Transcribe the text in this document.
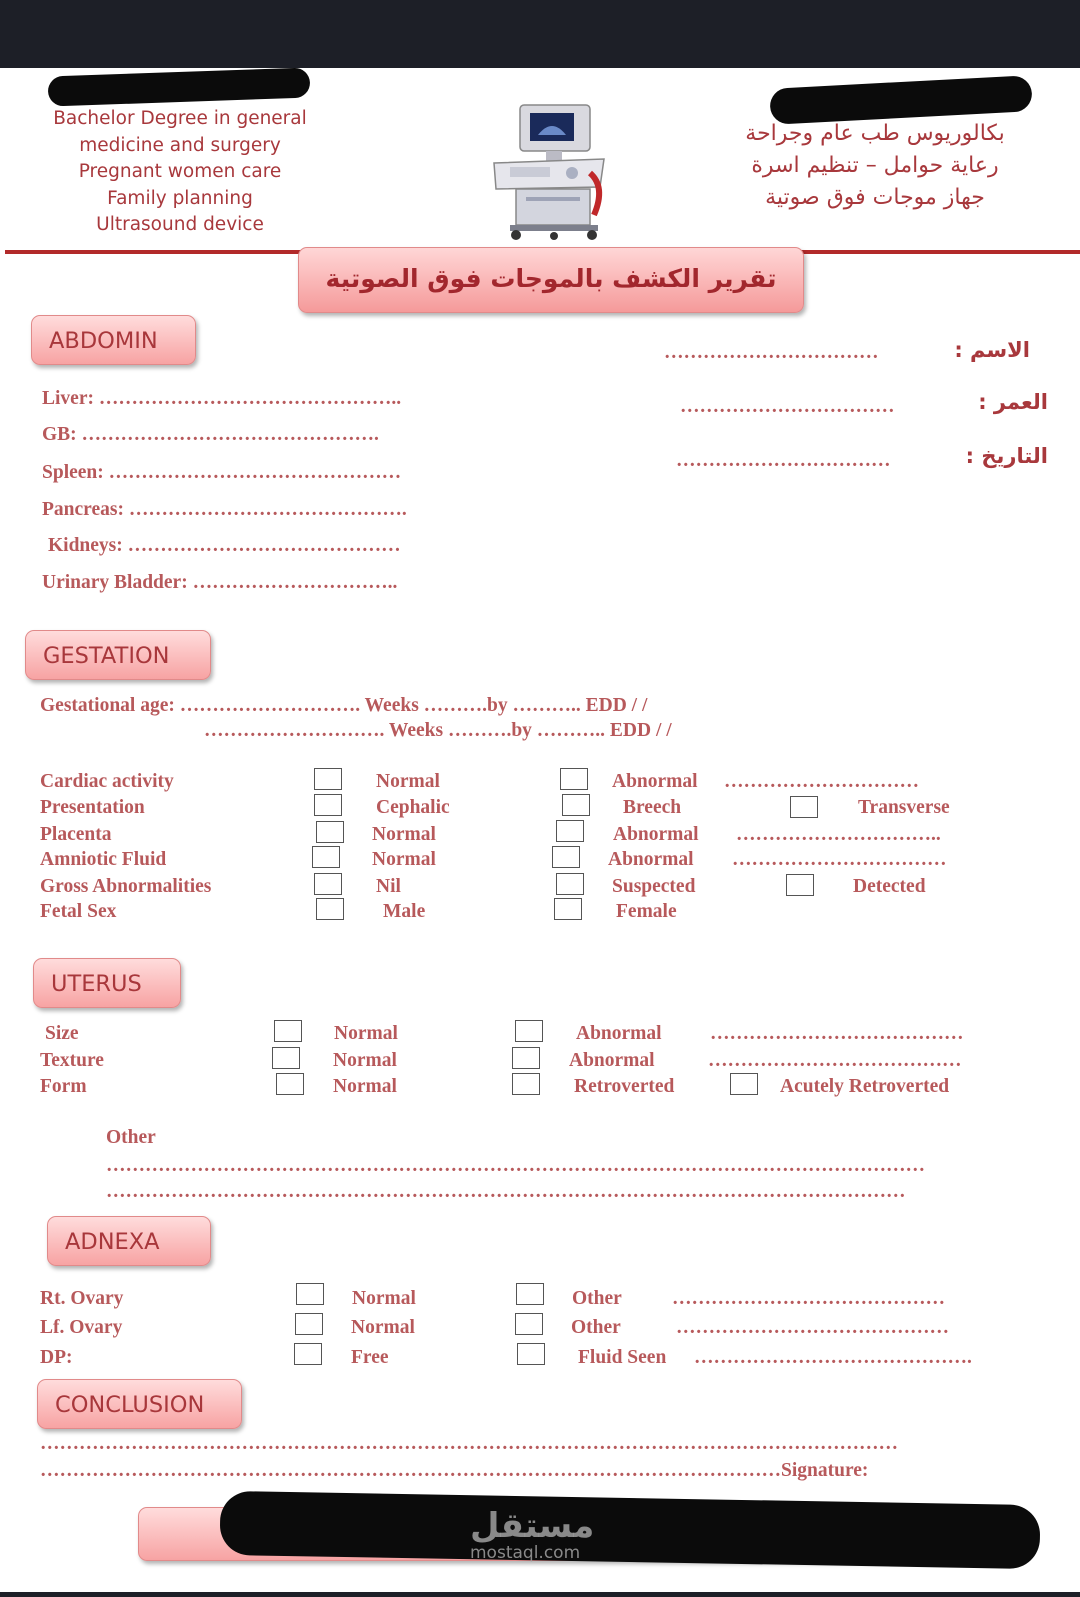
Bachelor Degree in general
medicine and surgery
Pregnant women care
Family planning
Ultrasound device
بكالوريوس طب عام وجراحة
رعاية حوامل – تنظيم اسرة
جهاز موجات فوق صوتية
تقرير الكشف بالموجات فوق الصوتية
ABDOMIN
Liver: ………………………………………..
GB: ……………………………………….
Spleen: ………………………………………
Pancreas: …………………………………….
Kidneys: ……………………………………
Urinary Bladder: …………………………..
الاسم :
……………………………
العمر :
……………………………
التاريخ :
……………………………
GESTATION
Gestational age: ………………………. Weeks ……….by ……….. EDD / /
………………………. Weeks ……….by ……….. EDD / /
Cardiac activity	Normal	Abnormal …………………………
Presentation	Cephalic	Breech	Transverse
Placenta	Normal	Abnormal …………………………..
Amniotic Fluid	Normal	Abnormal ……………………………
Gross Abnormalities	Nil	Suspected	Detected
Fetal Sex	Male	Female
UTERUS
Size	Normal	Abnormal …………………………………
Texture	Normal	Abnormal	…………………………………
Form	Normal	Retroverted	Acutely Retroverted
Other
………………………………………………………………………………………………………………
……………………………………………………………………………………………………………
ADNEXA
Rt. Ovary	Normal	Other	……………………………………
Lf. Ovary	Normal	Other	……………………………………
DP:	Free	Fluid Seen …………………………………….
CONCLUSION
……………………………………………………………………………………………………………………
……………………………………………………………………………………………………Signature:
مستقل
mostaql.com
